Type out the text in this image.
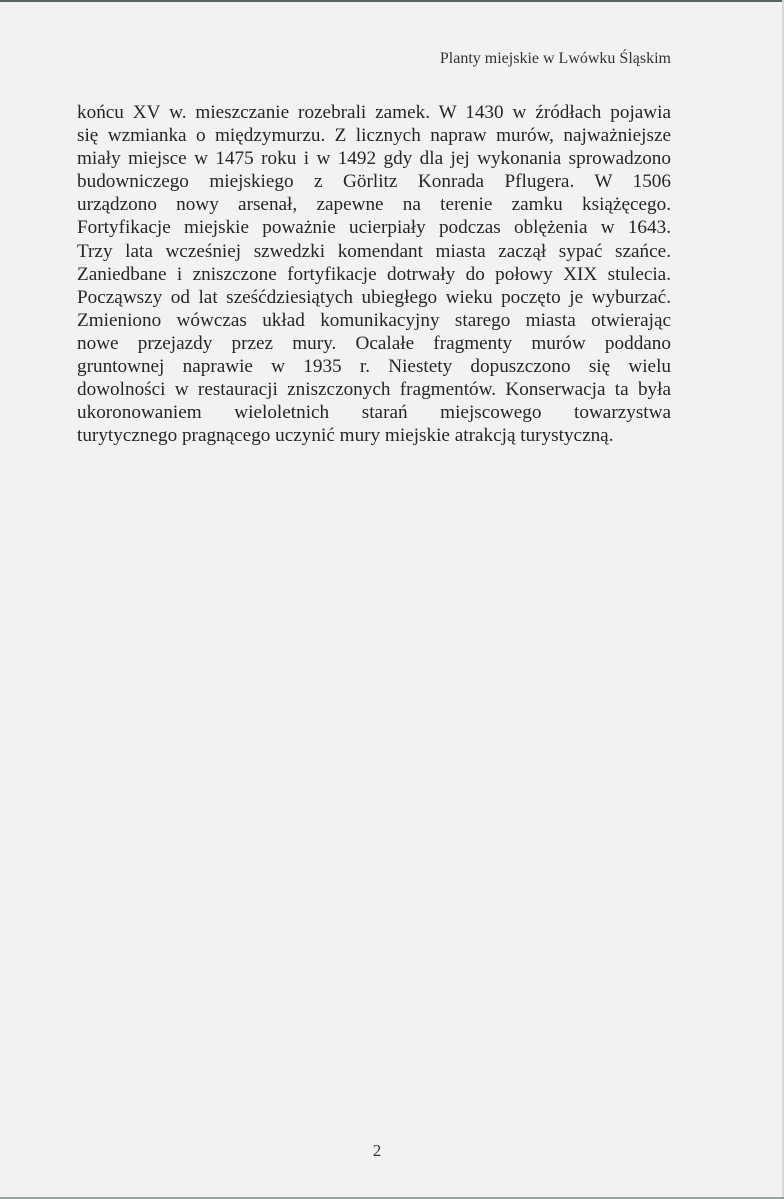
Planty miejskie w Lwówku Śląskim
końcu XV w. mieszczanie rozebrali zamek. W 1430 w źródłach pojawia
się wzmianka o międzymurzu. Z licznych napraw murów, najważniejsze
miały miejsce w 1475 roku i w 1492 gdy dla jej wykonania sprowadzono
budowniczego miejskiego z Görlitz Konrada Pflugera. W 1506
urządzono nowy arsenał, zapewne na terenie zamku książęcego.
Fortyfikacje miejskie poważnie ucierpiały podczas oblężenia w 1643.
Trzy lata wcześniej szwedzki komendant miasta zaczął sypać szańce.
Zaniedbane i zniszczone fortyfikacje dotrwały do połowy XIX stulecia.
Począwszy od lat sześćdziesiątych ubiegłego wieku poczęto je wyburzać.
Zmieniono wówczas układ komunikacyjny starego miasta otwierając
nowe przejazdy przez mury. Ocalałe fragmenty murów poddano
gruntownej naprawie w 1935 r. Niestety dopuszczono się wielu
dowolności w restauracji zniszczonych fragmentów. Konserwacja ta była
ukoronowaniem wieloletnich starań miejscowego towarzystwa
turytycznego pragnącego uczynić mury miejskie atrakcją turystyczną.
2
